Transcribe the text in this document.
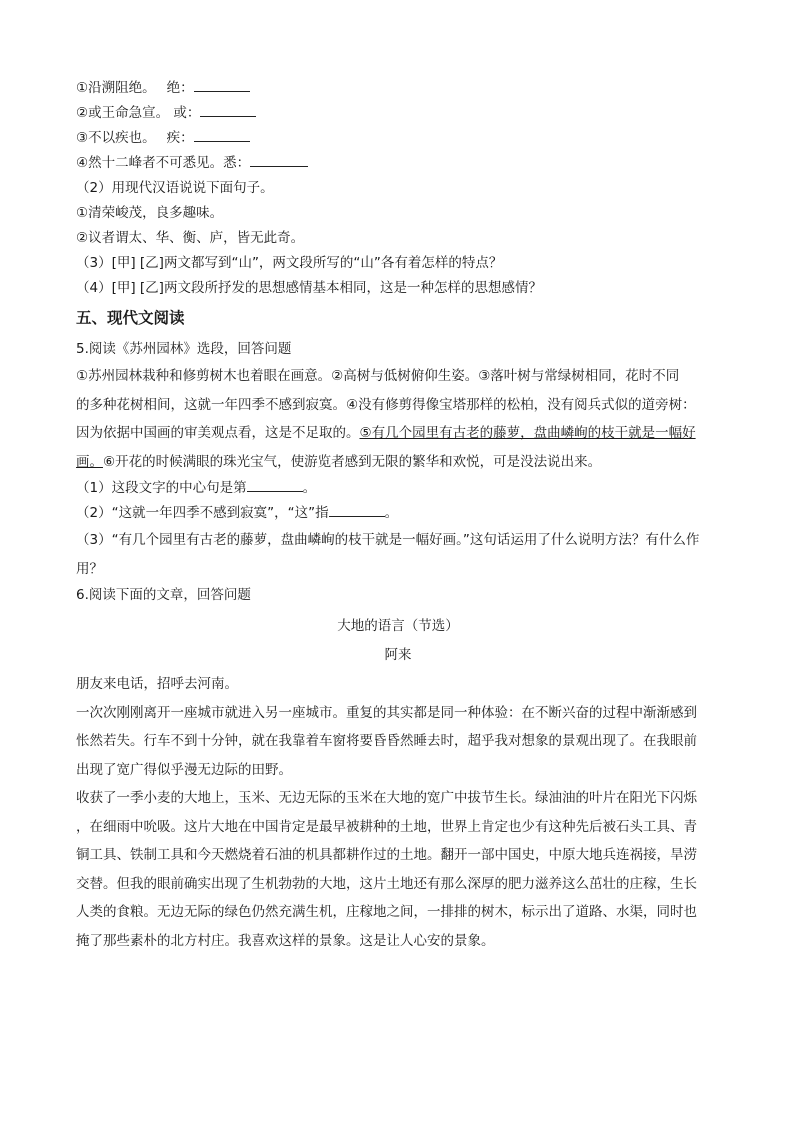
①沿溯阻绝。　 绝：
②或王命急宣。 或：
③不以疾也。　 疾：
④然十二峰者不可悉见。悉：
（2）用现代汉语说说下面句子。
①清荣峻茂，良多趣味。
②议者谓太、华、衡、庐，皆无此奇。
（3）[甲] [乙]两文都写到“山”，两文段所写的“山”各有着怎样的特点？
（4）[甲] [乙]两文段所抒发的思想感情基本相同，这是一种怎样的思想感情？
五、现代文阅读
5.阅读《苏州园林》选段，回答问题
①苏州园林栽种和修剪树木也着眼在画意。②高树与低树俯仰生姿。③落叶树与常绿树相同，花时不同
的多种花树相间，这就一年四季不感到寂寞。④没有修剪得像宝塔那样的松柏，没有阅兵式似的道旁树：
因为依据中国画的审美观点看，这是不足取的。⑤有几个园里有古老的藤萝，盘曲嶙峋的枝干就是一幅好
画。⑥开花的时候满眼的珠光宝气，使游览者感到无限的繁华和欢悦，可是没法说出来。
（1）这段文字的中心句是第	。
（2）“这就一年四季不感到寂寞”，“这”指	。
（3）“有几个园里有古老的藤萝，盘曲嶙峋的枝干就是一幅好画。”这句话运用了什么说明方法？有什么作
用？
6.阅读下面的文章，回答问题
大地的语言（节选）
阿来
朋友来电话，招呼去河南。
一次次刚刚离开一座城市就进入另一座城市。重复的其实都是同一种体验：在不断兴奋的过程中渐渐感到
怅然若失。行车不到十分钟，就在我靠着车窗将要昏昏然睡去时，超乎我对想象的景观出现了。在我眼前
出现了宽广得似乎漫无边际的田野。
收获了一季小麦的大地上，玉米、无边无际的玉米在大地的宽广中拔节生长。绿油油的叶片在阳光下闪烁
，在细雨中吮吸。这片大地在中国肯定是最早被耕种的土地，世界上肯定也少有这种先后被石头工具、青
铜工具、铁制工具和今天燃烧着石油的机具都耕作过的土地。翻开一部中国史，中原大地兵连祸接，旱涝
交替。但我的眼前确实出现了生机勃勃的大地，这片土地还有那么深厚的肥力滋养这么茁壮的庄稼，生长
人类的食粮。无边无际的绿色仍然充满生机，庄稼地之间，一排排的树木，标示出了道路、水渠，同时也
掩了那些素朴的北方村庄。我喜欢这样的景象。这是让人心安的景象。
